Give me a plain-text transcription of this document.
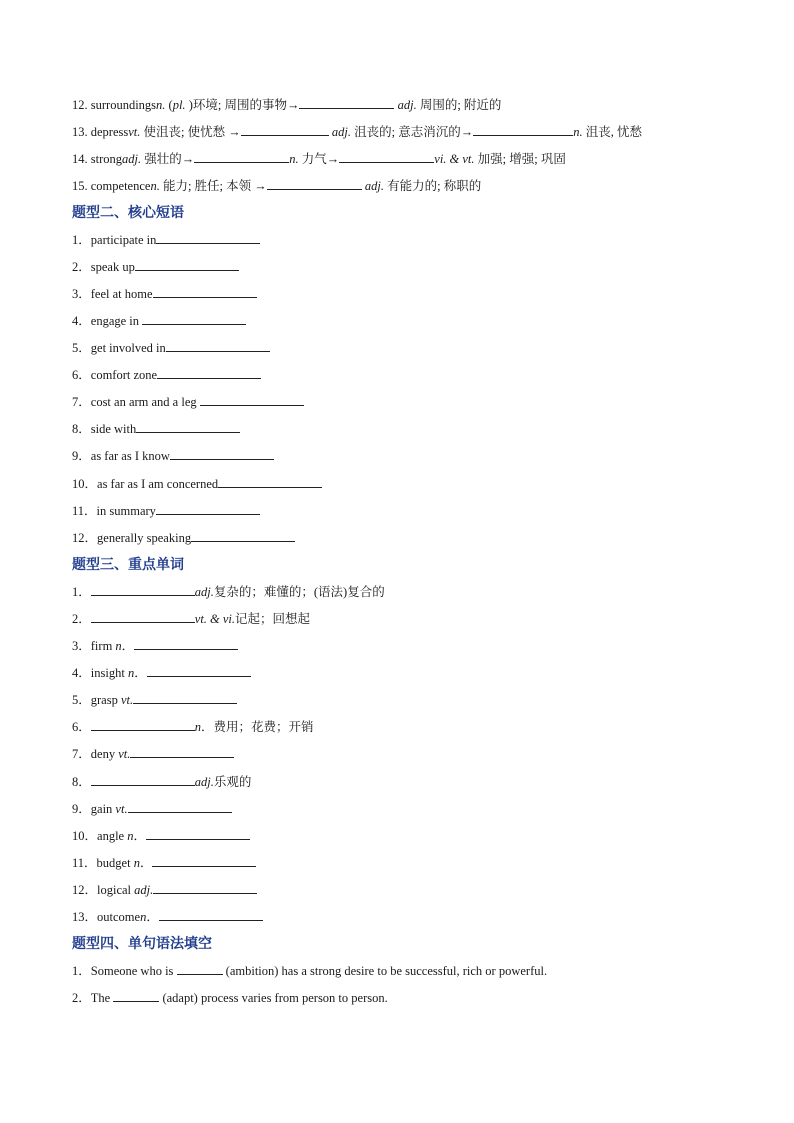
12. surroundingsn. (pl. )环境; 周围的事物→	adj. 周围的; 附近的
13. depressvt. 使沮丧; 使忧愁 →	adj. 沮丧的; 意志消沉的→	n. 沮丧, 忧愁
14. strongadj. 强壮的→	n. 力气→	vi. & vt. 加强; 增强; 巩固
15. competencen. 能力; 胜任; 本领 →	adj. 有能力的; 称职的
题型二、核心短语
1．participate in
2．speak up
3．feel at home
4．engage in
5．get involved in
6．comfort zone
7．cost an arm and a leg
8．side with
9．as far as I know
10．as far as I am concerned
11．in summary
12．generally speaking
题型三、重点单词
1．	adj.复杂的；难懂的；(语法)复合的
2．	vt. & vi.记起；回想起
3．firm n．
4．insight n．
5．grasp vt.
6．	n．费用；花费；开销
7．deny vt.
8．	adj.乐观的
9．gain vt.
10．angle n．
11．budget n．
12．logical adj.
13．outcomen．
题型四、单句语法填空
1．Someone who is	(ambition) has a strong desire to be successful, rich or powerful.
2．The	(adapt) process varies from person to person.
